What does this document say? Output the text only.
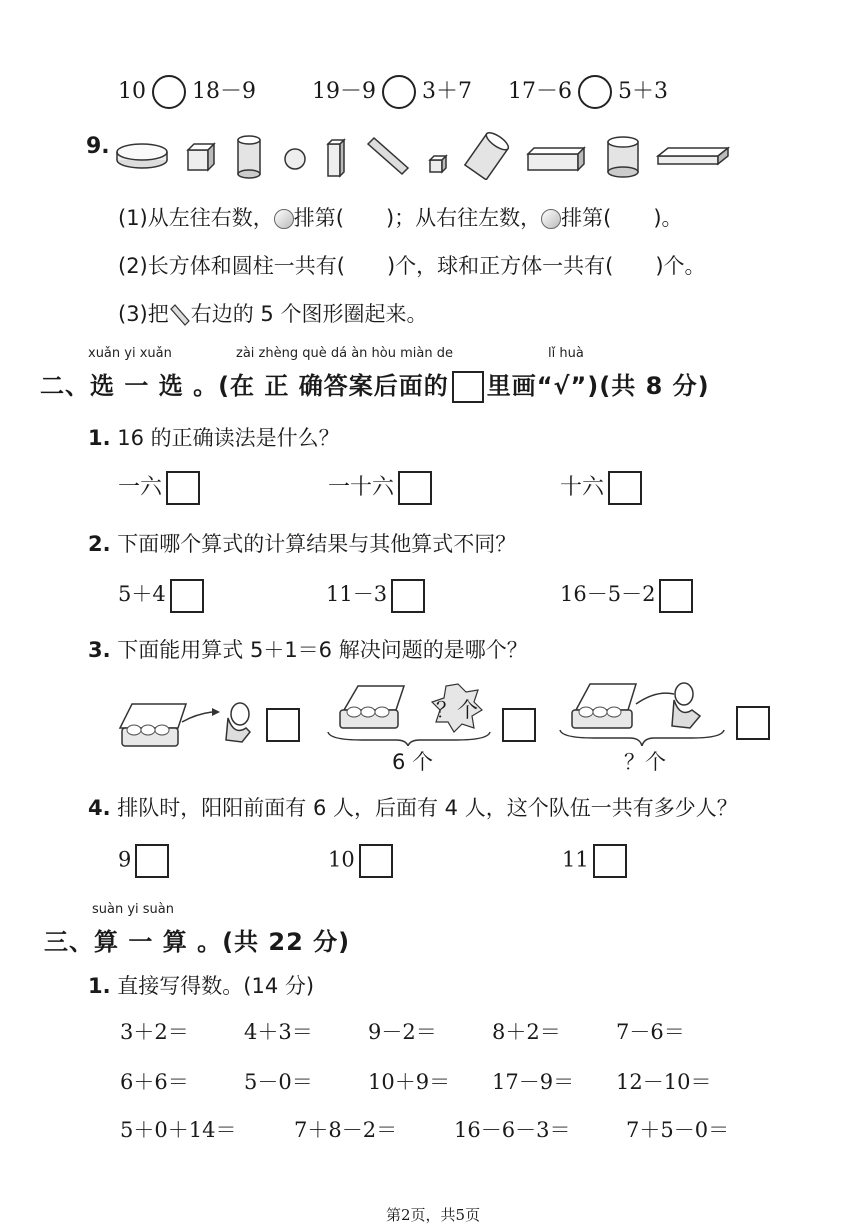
10 18－9	19－9 3＋7 17－6 5＋3
9.
(1)从左往右数， 排第(　　)；从右往左数， 排第(　　)。
(2)长方体和圆柱一共有(　　)个，球和正方体一共有(　　)个。
(3)把 右边的 5 个图形圈起来。
xuǎn yi xuǎn	zài zhèng què dá àn hòu miàn de	lǐ huà
二、选 一 选 。(在 正 确答案后面的 里画“√”)(共 8 分)
1. 16 的正确读法是什么？
一六	一十六	十六
2. 下面哪个算式的计算结果与其他算式不同？
5＋4	11－3	16－5－2
3. 下面能用算式 5＋1＝6 解决问题的是哪个？
？个
6 个	？个
4. 排队时，阳阳前面有 6 人，后面有 4 人，这个队伍一共有多少人？
9	10	11
suàn yi suàn
三、算 一 算 。(共 22 分)
1. 直接写得数。(14 分)
3＋2＝	4＋3＝	9－2＝	8＋2＝	7－6＝
6＋6＝	5－0＝	10＋9＝ 17－9＝ 12－10＝
5＋0＋14＝	7＋8－2＝	16－6－3＝	7＋5－0＝
第2页，共5页
